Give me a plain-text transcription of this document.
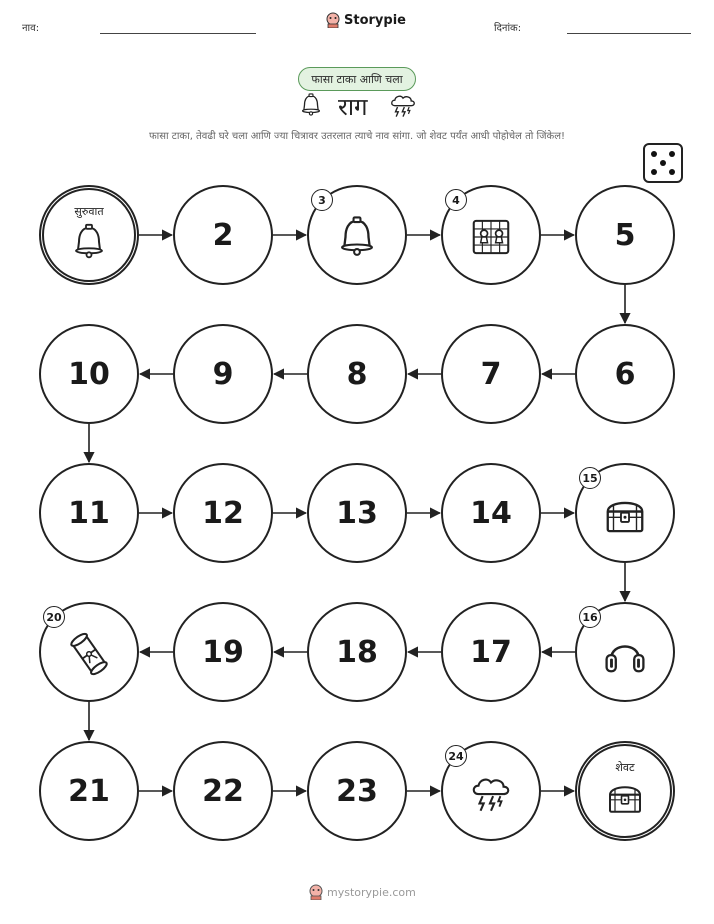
नाव:
Storypie
दिनांक:
फासा टाका आणि चला
राग
फासा टाका, तेवढी घरे चला आणि ज्या चित्रावर उतरलात त्याचे नाव सांगा. जो शेवट पर्यंत आधी पोहोचेल तो जिंकेल!
सुरुवात
2
3	4
5
6
7
8
9
10
11	12	13	14
15
16
17
18
19
20
21	22	23
24
शेवट
mystorypie.com
